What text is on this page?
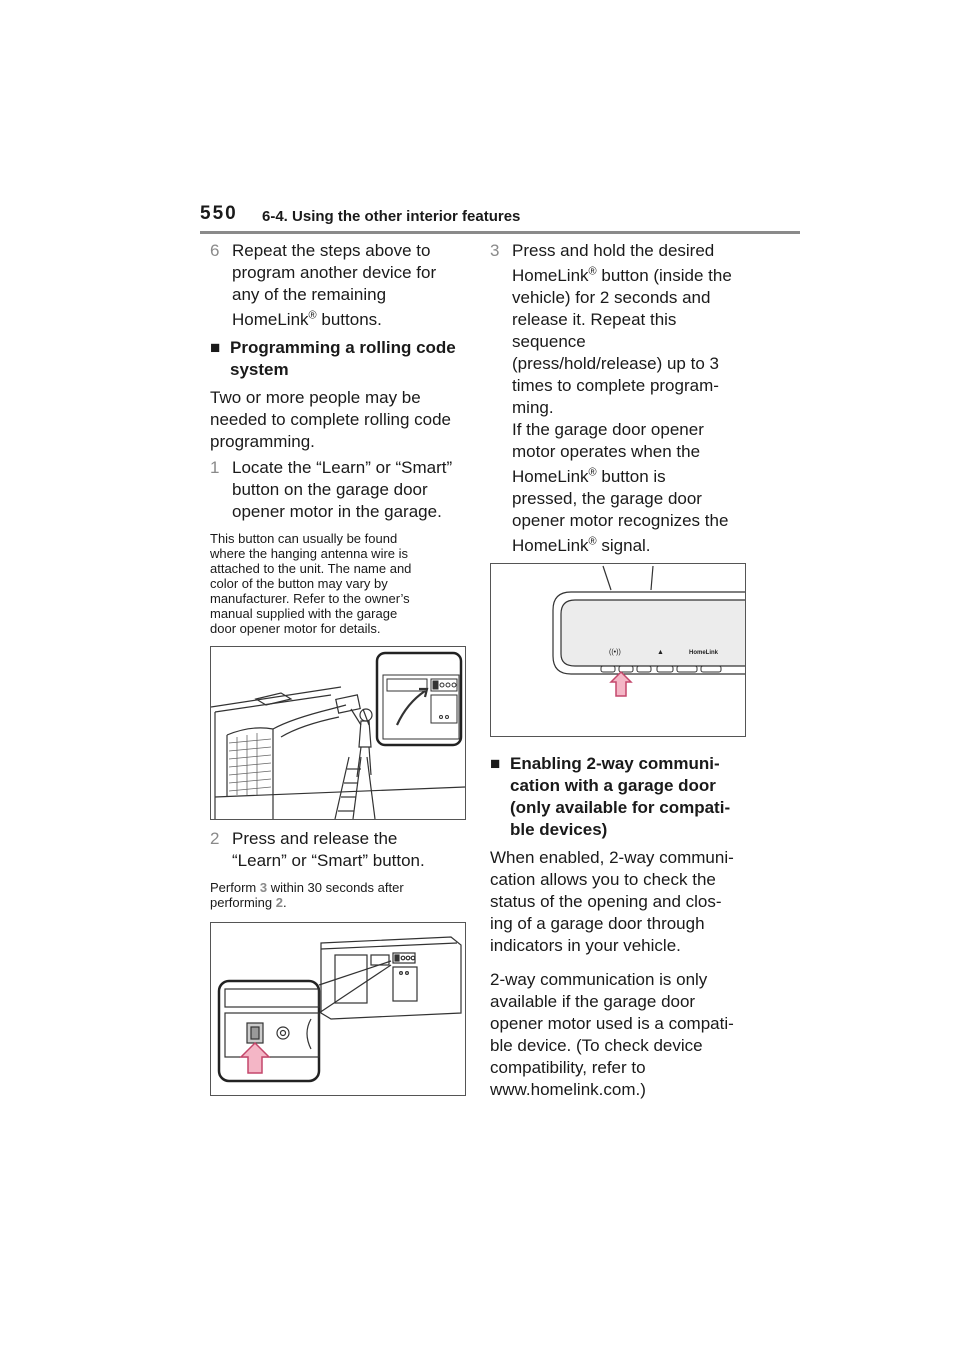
550 6-4. Using the other interior features
6 Repeat the steps above to
program another device for
any of the remaining
HomeLink® buttons.
■ Programming a rolling code
system
Two or more people may be
needed to complete rolling code
programming.
1 Locate the “Learn” or “Smart”
button on the garage door
opener motor in the garage.
This button can usually be found
where the hanging antenna wire is
attached to the unit. The name and
color of the button may vary by
manufacturer. Refer to the owner’s
manual supplied with the garage
door opener motor for details.
2 Press and release the
“Learn” or “Smart” button.
Perform 3 within 30 seconds after
performing 2.
3 Press and hold the desired
HomeLink® button (inside the
vehicle) for 2 seconds and
release it. Repeat this
sequence
(press/hold/release) up to 3
times to complete program-
ming.
If the garage door opener
motor operates when the
HomeLink® button is
pressed, the garage door
opener motor recognizes the
HomeLink® signal.
((•))	▲	HomeLink
■ Enabling 2-way communi-
cation with a garage door
(only available for compati-
ble devices)
When enabled, 2-way communi-
cation allows you to check the
status of the opening and clos-
ing of a garage door through
indicators in your vehicle.
2-way communication is only
available if the garage door
opener motor used is a compati-
ble device. (To check device
compatibility, refer to
www.homelink.com.)
